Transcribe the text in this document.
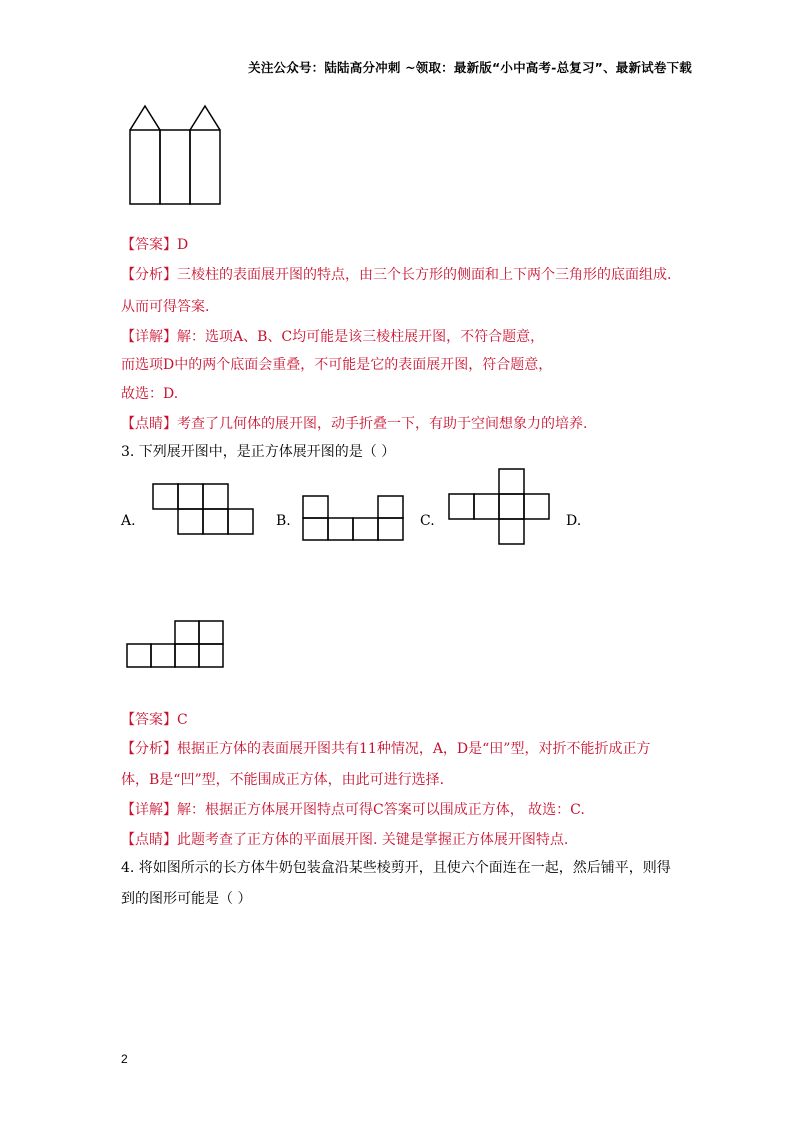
关注公众号：陆陆高分冲刺 ~领取：最新版“小中高考-总复习”、最新试卷下载
【答案】D
【分析】三棱柱的表面展开图的特点，由三个长方形的侧面和上下两个三角形的底面组成.
从而可得答案.
【详解】解：选项A、B、C均可能是该三棱柱展开图，不符合题意，
而选项D中的两个底面会重叠，不可能是它的表面展开图，符合题意，
故选：D.
【点睛】考查了几何体的展开图，动手折叠一下，有助于空间想象力的培养.
3. 下列展开图中，是正方体展开图的是（ ）
A.	B.	C.	D.
【答案】C
【分析】根据正方体的表面展开图共有11种情况，A，D是“田”型，对折不能折成正方
体，B是“凹”型，不能围成正方体，由此可进行选择.
【详解】解：根据正方体展开图特点可得C答案可以围成正方体， 故选：C.
【点睛】此题考查了正方体的平面展开图. 关键是掌握正方体展开图特点.
4. 将如图所示的长方体牛奶包装盒沿某些棱剪开，且使六个面连在一起，然后铺平，则得
到的图形可能是（ ）
2
